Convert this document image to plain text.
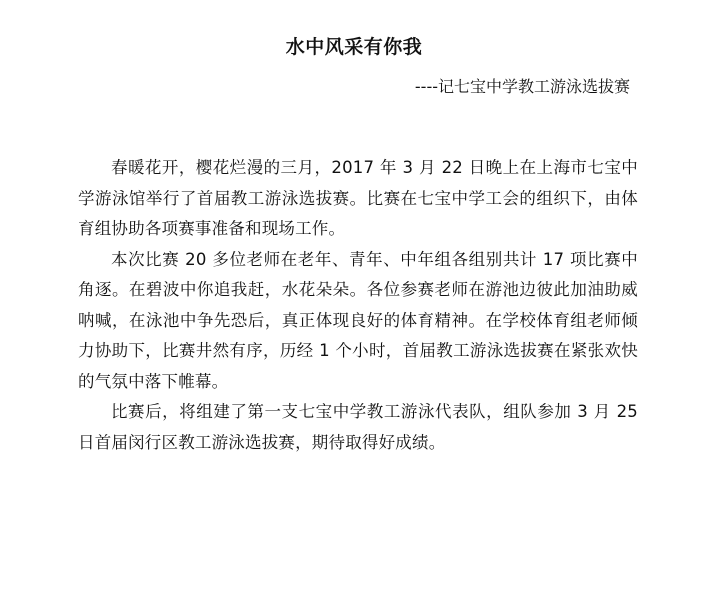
水中风采有你我
----记七宝中学教工游泳选拔赛

春暖花开，樱花烂漫的三月，2017 年 3 月 22 日晚上在上海市七宝中学游泳馆举行了首届教工游泳选拔赛。比赛在七宝中学工会的组织下，由体育组协助各项赛事准备和现场工作。

本次比赛 20 多位老师在老年、青年、中年组各组别共计 17 项比赛中角逐。在碧波中你追我赶，水花朵朵。各位参赛老师在游池边彼此加油助威呐喊，在泳池中争先恐后，真正体现良好的体育精神。在学校体育组老师倾力协助下，比赛井然有序，历经 1 个小时，首届教工游泳选拔赛在紧张欢快的气氛中落下帷幕。

比赛后，将组建了第一支七宝中学教工游泳代表队，组队参加 3 月 25 日首届闵行区教工游泳选拔赛，期待取得好成绩。
